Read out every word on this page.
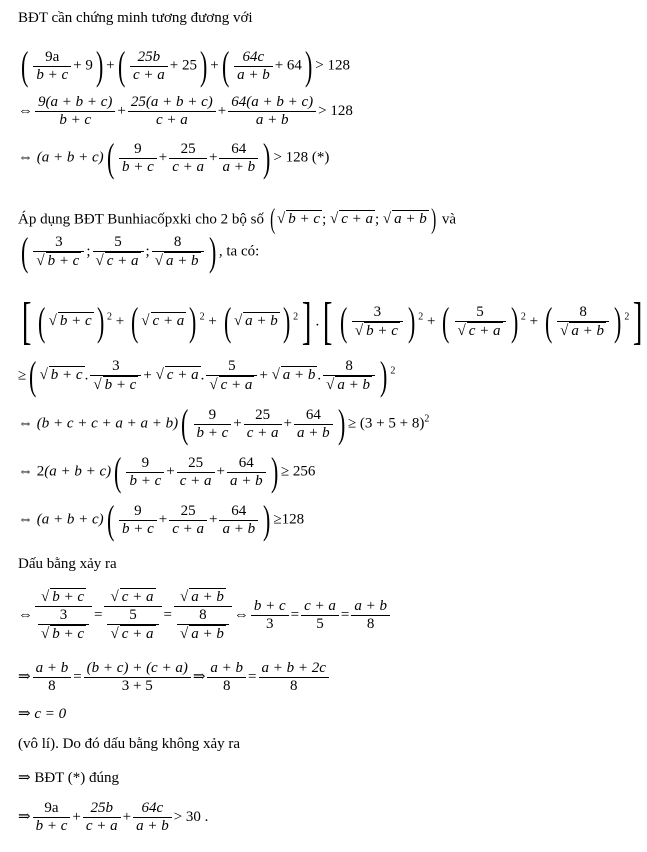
BĐT cần chứng minh tương đương với
( $\frac{9a}{b + c} + 9$) +( $\frac{25b}{c + a} + 25$) +( $\frac{64c}{a + b} + 64) > 128$
⇔ $\frac{9(a + b + c)}{b + c} + \frac{25(a + b + c)}{c + a} + \frac{64(a + b + c)}{a + b} > 128$
⇔ $(a + b + c)( \frac{9}{b + c} + \frac{25}{c + a} + \frac{64}{a + b}$ ) > 128 (*)
Áp dụng BĐT Bunhiacốpxki cho 2 bộ số ( √ b + c ; √ c + a ; √ a + b ) và
( 3
√ b + c ; 5
√ c + a ; 8
√ a + b ) , ta có:
[ ( √ b + c ) $^2$ + ( √ c + a ) $^2$ + ( √ a + b ) $^2$] .[ ( 3
√ b + c ) $^2$ + ( 5
√ c + a ) $^2$ + ( 8
√ a + b ) $^2$]
≥( √ b + c . 3
√ b + c + √ c + a . 5
√ c + a + √ a + b . 8
√ a + b ) $^2$
⇔ $(b + c + c + a + a + b)( \frac{9}{b + c} + \frac{25}{c + a} + \frac{64}{a + b}$ ) ≥ $(3 + 5 + 8)^2$
⇔ $2(a + b + c)( \frac{9}{b + c} + \frac{25}{c + a} + \frac{64}{a + b}$ ) ≥ 256
⇔ $(a + b + c)( \frac{9}{b + c} + \frac{25}{c + a} + \frac{64}{a + b}$ ) ≥128
Dấu bằng xảy ra
⇔ √ b + c
3
√ b + c = √ c + a
5
√ c + a = √ a + b
8
√ a + b ⇔ $\frac{b + c}{3} = \frac{c + a}{5} = \frac{a + b}{8}$
⇒ $\frac{a + b}{8} = \frac{(b + c) + (c + a)}{3 + 5}$ ⇒ $\frac{a + b}{8} = \frac{a + b + 2c}{8}$
⇒ c = 0
(vô lí). Do đó dấu bằng không xảy ra
⇒ BĐT (*) đúng
⇒ $\frac{9a}{b + c} + \frac{25b}{c + a} + \frac{64c}{a + b} > 30$ .
